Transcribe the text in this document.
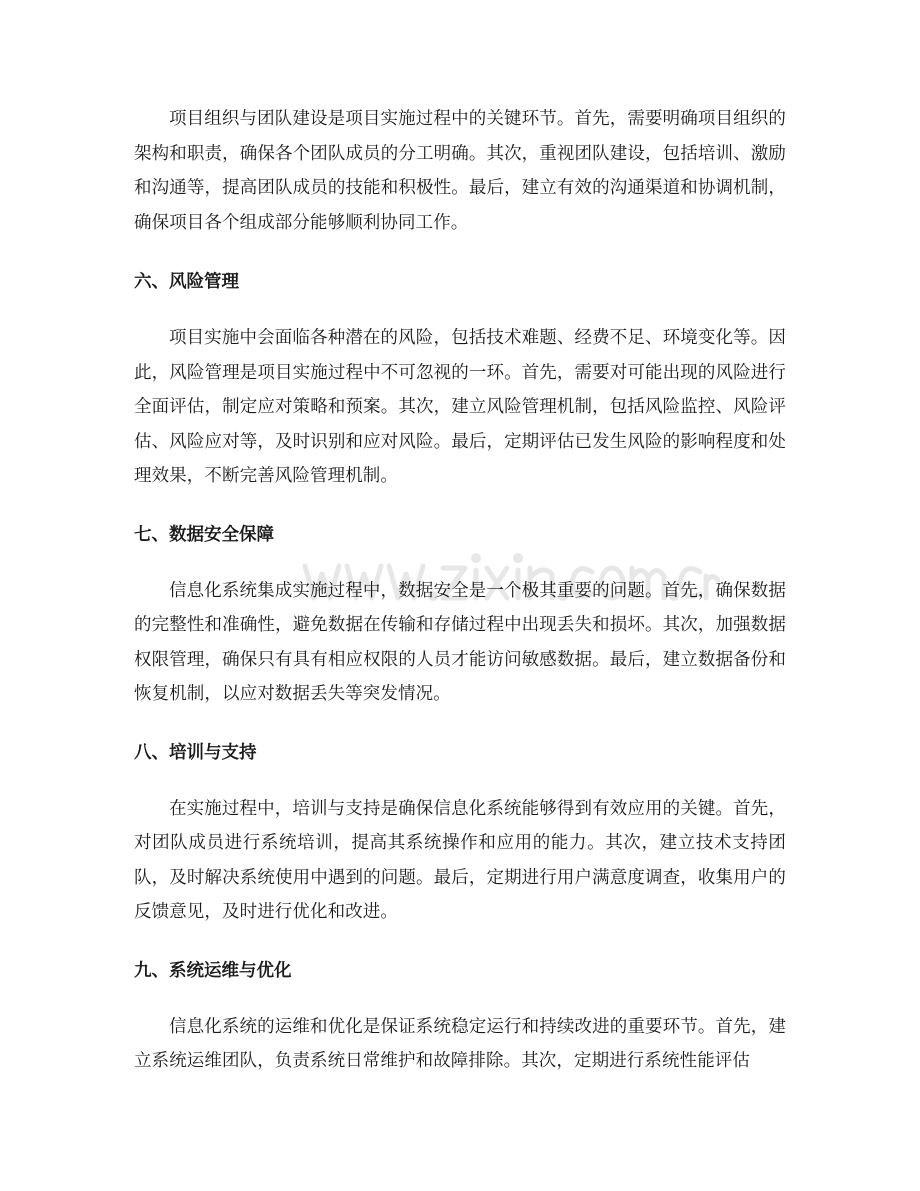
项目组织与团队建设是项目实施过程中的关键环节。首先，需要明确项目组织的架构和职责，确保各个团队成员的分工明确。其次，重视团队建设，包括培训、激励和沟通等，提高团队成员的技能和积极性。最后，建立有效的沟通渠道和协调机制，确保项目各个组成部分能够顺利协同工作。

六、风险管理

项目实施中会面临各种潜在的风险，包括技术难题、经费不足、环境变化等。因此，风险管理是项目实施过程中不可忽视的一环。首先，需要对可能出现的风险进行全面评估，制定应对策略和预案。其次，建立风险管理机制，包括风险监控、风险评估、风险应对等，及时识别和应对风险。最后，定期评估已发生风险的影响程度和处理效果，不断完善风险管理机制。

七、数据安全保障

信息化系统集成实施过程中，数据安全是一个极其重要的问题。首先，确保数据的完整性和准确性，避免数据在传输和存储过程中出现丢失和损坏。其次，加强数据权限管理，确保只有具有相应权限的人员才能访问敏感数据。最后，建立数据备份和恢复机制，以应对数据丢失等突发情况。

八、培训与支持

在实施过程中，培训与支持是确保信息化系统能够得到有效应用的关键。首先，对团队成员进行系统培训，提高其系统操作和应用的能力。其次，建立技术支持团队，及时解决系统使用中遇到的问题。最后，定期进行用户满意度调查，收集用户的反馈意见，及时进行优化和改进。

九、系统运维与优化

信息化系统的运维和优化是保证系统稳定运行和持续改进的重要环节。首先，建立系统运维团队，负责系统日常维护和故障排除。其次，定期进行系统性能评估
